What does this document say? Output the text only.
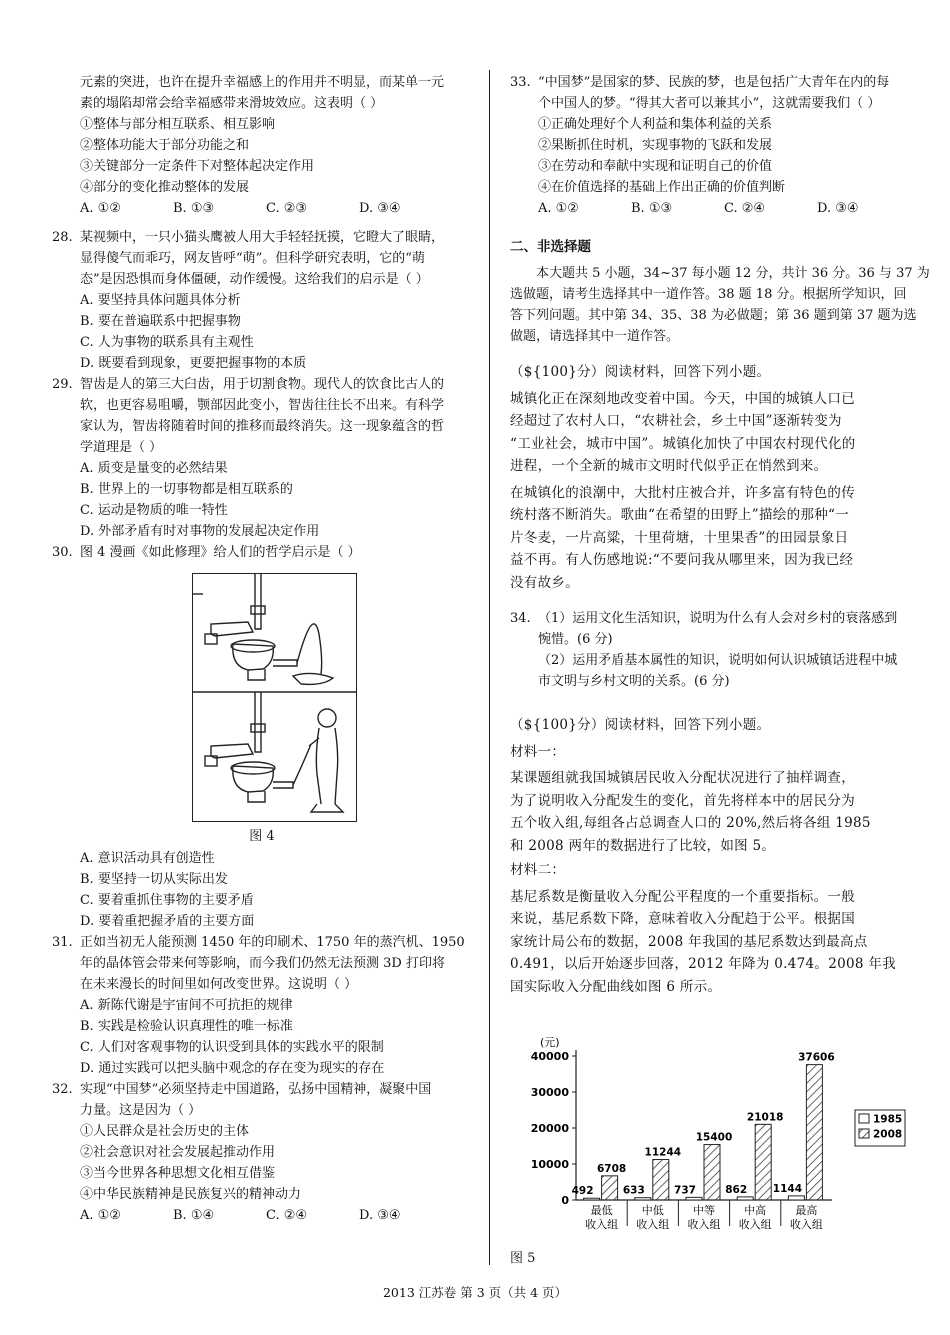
元素的突进，也许在提升幸福感上的作用并不明显，而某单一元
素的塌陷却常会给幸福感带来滑坡效应。这表明（ ）
①整体与部分相互联系、相互影响
②整体功能大于部分功能之和
③关键部分一定条件下对整体起决定作用
④部分的变化推动整体的发展
A. ①②	B. ①③	C. ②③	D. ③④
28. 某视频中，一只小猫头鹰被人用大手轻轻抚摸，它瞪大了眼睛，
显得傻气而乖巧，网友皆呼“萌”。但科学研究表明，它的“萌
态”是因恐惧而身体僵硬，动作缓慢。这给我们的启示是（ ）
A. 要坚持具体问题具体分析
B. 要在普遍联系中把握事物
C. 人为事物的联系具有主观性
D. 既要看到现象，更要把握事物的本质
29. 智齿是人的第三大臼齿，用于切割食物。现代人的饮食比古人的
软，也更容易咀嚼，颚部因此变小，智齿往往长不出来。有科学
家认为，智齿将随着时间的推移而最终消失。这一现象蕴含的哲
学道理是（ ）
A. 质变是量变的必然结果
B. 世界上的一切事物都是相互联系的
C. 运动是物质的唯一特性
D. 外部矛盾有时对事物的发展起决定作用
30. 图 4 漫画《如此修理》给人们的哲学启示是（ ）
图 4
A. 意识活动具有创造性
B. 要坚持一切从实际出发
C. 要着重抓住事物的主要矛盾
D. 要着重把握矛盾的主要方面
31. 正如当初无人能预测 1450 年的印刷术、1750 年的蒸汽机、1950
年的晶体管会带来何等影响，而今我们仍然无法预测 3D 打印将
在未来漫长的时间里如何改变世界。这说明（ ）
A. 新陈代谢是宇宙间不可抗拒的规律
B. 实践是检验认识真理性的唯一标准
C. 人们对客观事物的认识受到具体的实践水平的限制
D. 通过实践可以把头脑中观念的存在变为现实的存在
32. 实现“中国梦”必须坚持走中国道路，弘扬中国精神，凝聚中国
力量。这是因为（ ）
①人民群众是社会历史的主体
②社会意识对社会发展起推动作用
③当今世界各种思想文化相互借鉴
④中华民族精神是民族复兴的精神动力
A. ①②	B. ①④	C. ②④	D. ③④
33. “中国梦”是国家的梦、民族的梦，也是包括广大青年在内的每
个中国人的梦。“得其大者可以兼其小”，这就需要我们（ ）
①正确处理好个人利益和集体利益的关系
②果断抓住时机，实现事物的飞跃和发展
③在劳动和奉献中实现和证明自己的价值
④在价值选择的基础上作出正确的价值判断
A. ①②	B. ①③	C. ②④	D. ③④
二、非选择题
本大题共 5 小题，34~37 每小题 12 分，共计 36 分。36 与 37 为
选做题，请考生选择其中一道作答。38 题 18 分。根据所学知识，回
答下列问题。其中第 34、35、38 为必做题；第 36 题到第 37 题为选
做题，请选择其中一道作答。
（${100}分）阅读材料，回答下列小题。
城镇化正在深刻地改变着中国。今天，中国的城镇人口已
经超过了农村人口，“农耕社会，乡土中国”逐渐转变为
“工业社会，城市中国”。城镇化加快了中国农村现代化的
进程，一个全新的城市文明时代似乎正在悄然到来。
在城镇化的浪潮中，大批村庄被合并，许多富有特色的传
统村落不断消失。歌曲“在希望的田野上”描绘的那种“一
片冬麦，一片高粱，十里荷塘，十里果香”的田园景象日
益不再。有人伤感地说:“不要问我从哪里来，因为我已经
没有故乡。
34. （1）运用文化生活知识，说明为什么有人会对乡村的衰落感到
惋惜。(6 分)
（2）运用矛盾基本属性的知识，说明如何认识城镇话进程中城
市文明与乡村文明的关系。(6 分)
（${100}分）阅读材料，回答下列小题。
材料一：
某课题组就我国城镇居民收入分配状况进行了抽样调查，
为了说明收入分配发生的变化，首先将样本中的居民分为
五个收入组,每组各占总调查人口的 20%,然后将各组 1985
和 2008 两年的数据进行了比较，如图 5。
材料二：
基尼系数是衡量收入分配公平程度的一个重要指标。一般
来说，基尼系数下降，意味着收入分配趋于公平。根据国
家统计局公布的数据，2008 年我国的基尼系数达到最高点
0.491，以后开始逐步回落，2012 年降为 0.474。2008 年我
国实际收入分配曲线如图 6 所示。
(元)
0
10000
20000
30000
40000
492
6708
最低
收入组
633
11244
中低
收入组
737
15400
中等
收入组
862
21018
中高
收入组
1144
37606
最高
收入组
1985
2008
图 5
2013 江苏卷 第 3 页（共 4 页）
